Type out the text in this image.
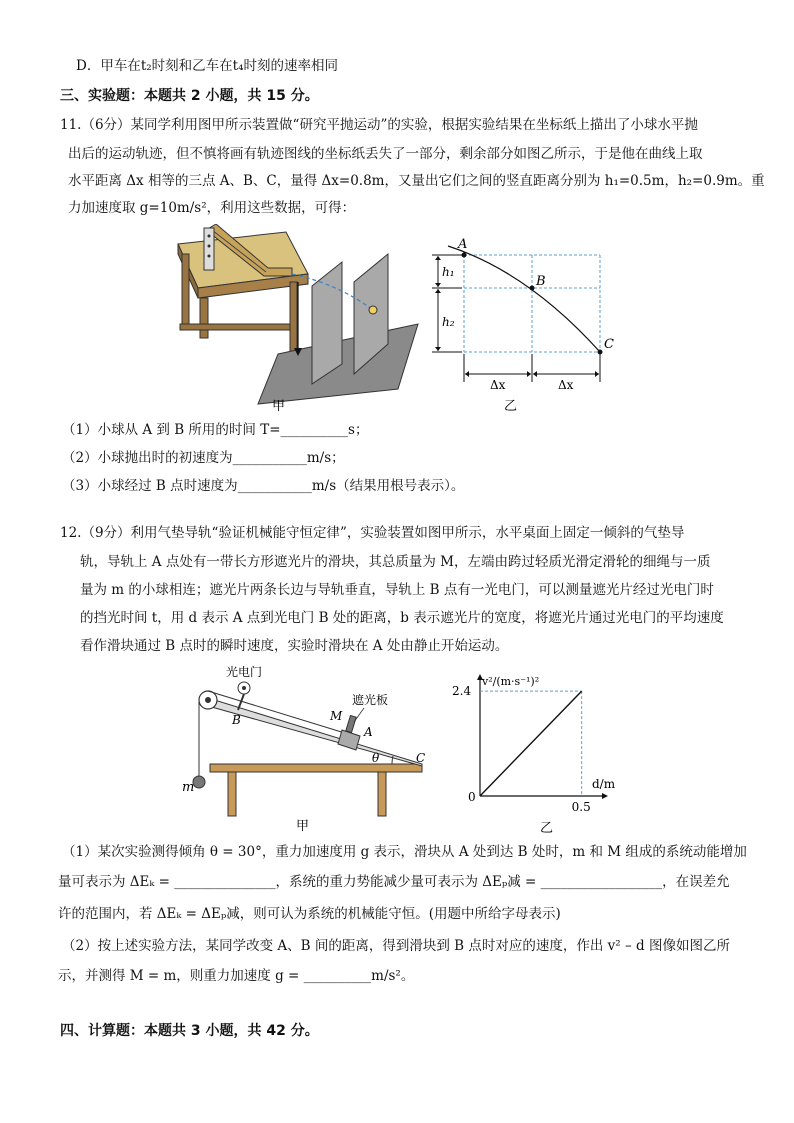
D．甲车在t₂时刻和乙车在t₄时刻的速率相同
三、实验题：本题共 2 小题，共 15 分。
11.（6分）某同学利用图甲所示装置做“研究平抛运动”的实验，根据实验结果在坐标纸上描出了小球水平抛
出后的运动轨迹，但不慎将画有轨迹图线的坐标纸丢失了一部分，剩余部分如图乙所示，于是他在曲线上取
水平距离 Δx 相等的三点 A、B、C，量得 Δx=0.8m，又量出它们之间的竖直距离分别为 h₁=0.5m，h₂=0.9m。重
力加速度取 g=10m/s²，利用这些数据，可得：
甲
A
B
C
h₁
h₂
Δx	Δx
乙
（1）小球从 A 到 B 所用的时间 T=__________s；
（2）小球抛出时的初速度为___________m/s；
（3）小球经过 B 点时速度为___________m/s（结果用根号表示）。
12.（9分）利用气垫导轨“验证机械能守恒定律”，实验装置如图甲所示，水平桌面上固定一倾斜的气垫导
轨，导轨上 A 点处有一带长方形遮光片的滑块，其总质量为 M，左端由跨过轻质光滑定滑轮的细绳与一质
量为 m 的小球相连；遮光片两条长边与导轨垂直，导轨上 B 点有一光电门，可以测量遮光片经过光电门时
的挡光时间 t，用 d 表示 A 点到光电门 B 处的距离，b 表示遮光片的宽度，将遮光片通过光电门的平均速度
看作滑块通过 B 点时的瞬时速度，实验时滑块在 A 处由静止开始运动。
m
光电门
B	M
遮光板
A
C
θ
甲
v²/(m·s⁻¹)²
d/m
2.4
0.5
0
乙
（1）某次实验测得倾角 θ = 30°，重力加速度用 g 表示，滑块从 A 处到达 B 处时，m 和 M 组成的系统动能增加
量可表示为 ΔEₖ = _______________，系统的重力势能减少量可表示为 ΔEₚ减 = __________________，在误差允
许的范围内，若 ΔEₖ = ΔEₚ减，则可认为系统的机械能守恒。(用题中所给字母表示)
（2）按上述实验方法，某同学改变 A、B 间的距离，得到滑块到 B 点时对应的速度，作出 v² – d 图像如图乙所
示，并测得 M = m，则重力加速度 g = __________m/s²。
四、计算题：本题共 3 小题，共 42 分。
